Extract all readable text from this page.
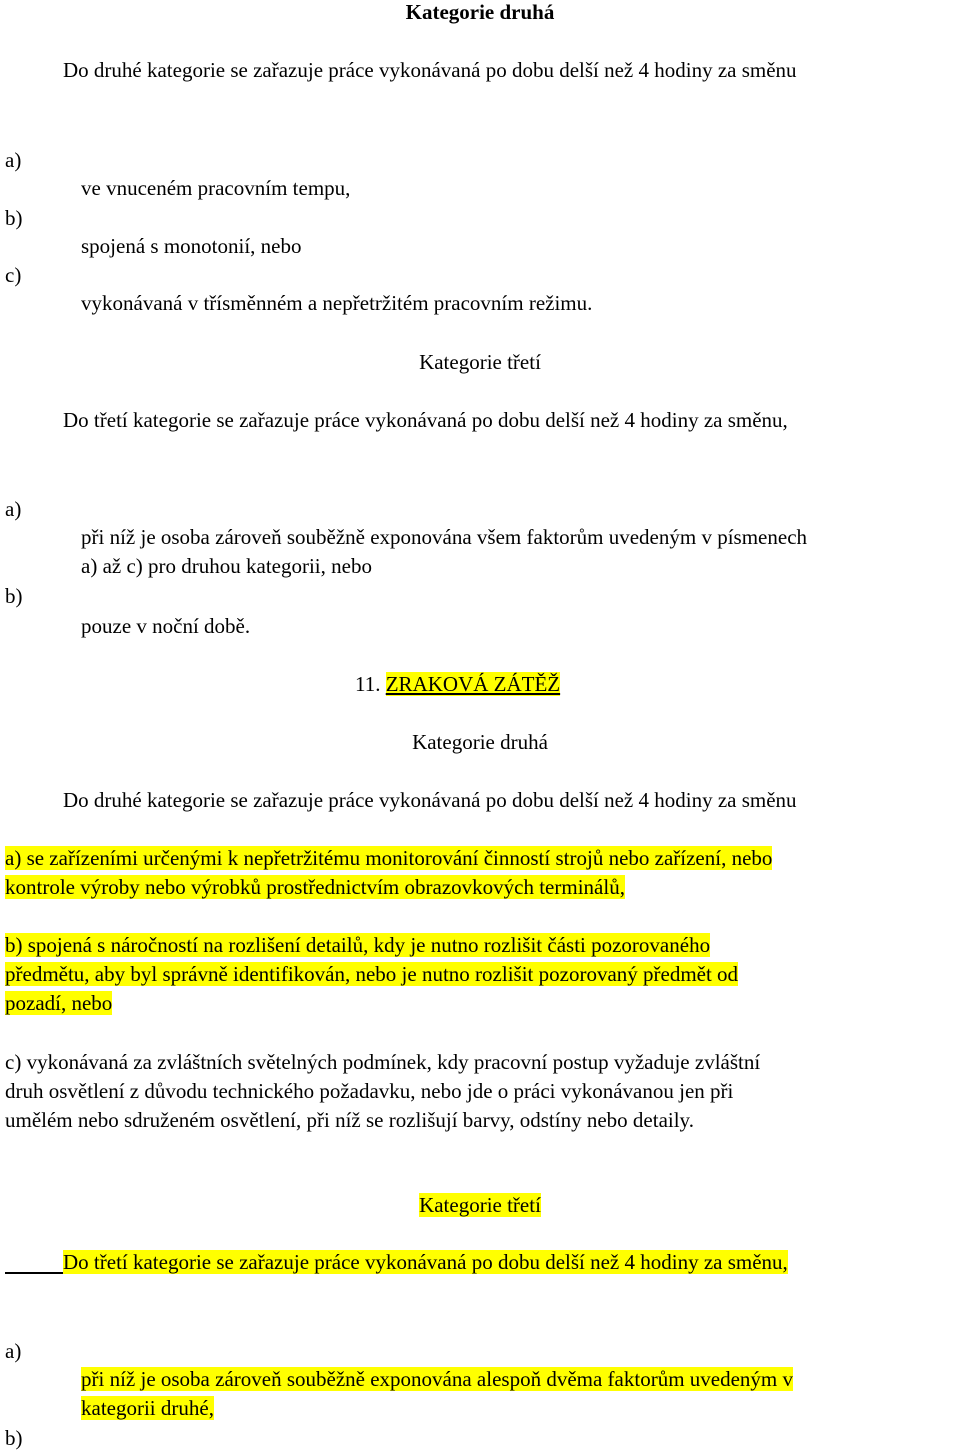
Kategorie druhá
Do druhé kategorie se zařazuje práce vykonávaná po dobu delší než 4 hodiny za směnu
a)
b)
c)
ve vnuceném pracovním tempu,
spojená s monotonií, nebo
vykonávaná v třísměnném a nepřetržitém pracovním režimu.
Kategorie třetí
Do třetí kategorie se zařazuje práce vykonávaná po dobu delší než 4 hodiny za směnu,
a)
b)
při níž je osoba zároveň souběžně exponována všem faktorům uvedeným v písmenech
a) až c) pro druhou kategorii, nebo
pouze v noční době.
11. ZRAKOVÁ ZÁTĚŽ
Kategorie druhá
Do druhé kategorie se zařazuje práce vykonávaná po dobu delší než 4 hodiny za směnu
a) se zařízeními určenými k nepřetržitému monitorování činností strojů nebo zařízení, nebo
kontrole výroby nebo výrobků prostřednictvím obrazovkových terminálů,
b) spojená s náročností na rozlišení detailů, kdy je nutno rozlišit části pozorovaného
předmětu, aby byl správně identifikován, nebo je nutno rozlišit pozorovaný předmět od
pozadí, nebo
c) vykonávaná za zvláštních světelných podmínek, kdy pracovní postup vyžaduje zvláštní
druh osvětlení z důvodu technického požadavku, nebo jde o práci vykonávanou jen při
umělém nebo sdruženém osvětlení, při níž se rozlišují barvy, odstíny nebo detaily.
Kategorie třetí
Do třetí kategorie se zařazuje práce vykonávaná po dobu delší než 4 hodiny za směnu,
a)
b)
při níž je osoba zároveň souběžně exponována alespoň dvěma faktorům uvedeným v
kategorii druhé,
